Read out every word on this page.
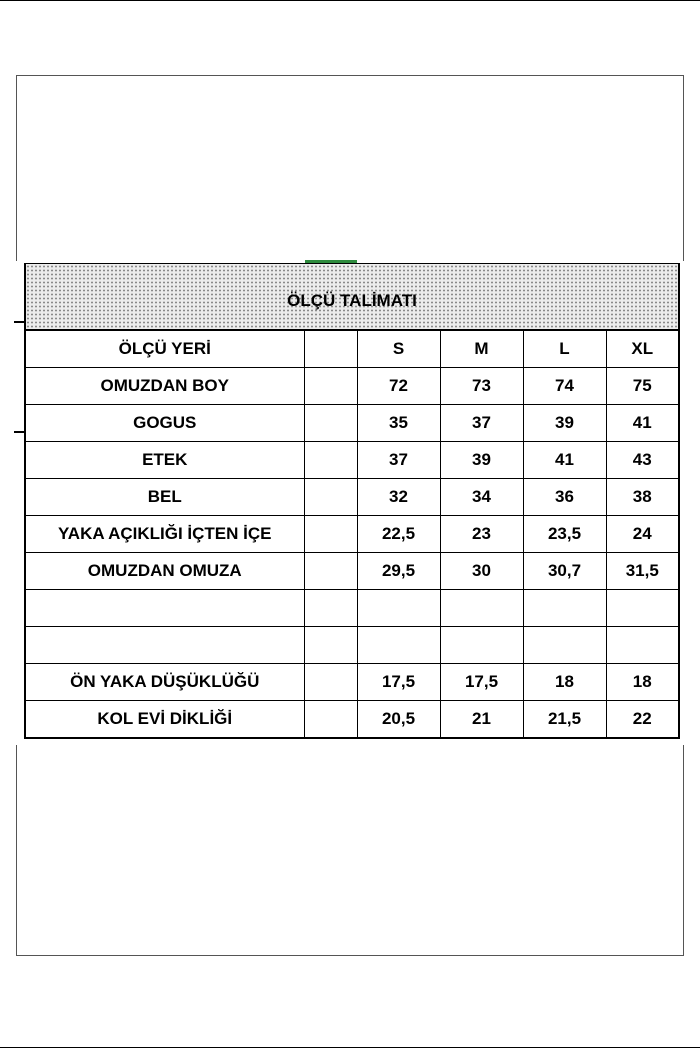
ÖLÇÜ TALİMATI					
ÖLÇÜ YERİ		S	M	L	XL
OMUZDAN BOY		72	73	74	75
GOGUS		35	37	39	41
ETEK		37	39	41	43
BEL		32	34	36	38
YAKA AÇIKLIĞI İÇTEN İÇE		22,5	23	23,5	24
OMUZDAN OMUZA		29,5	30	30,7	31,5

ÖN YAKA DÜŞÜKLÜĞÜ		17,5	17,5	18	18
KOL EVİ DİKLİĞİ		20,5	21	21,5	22
